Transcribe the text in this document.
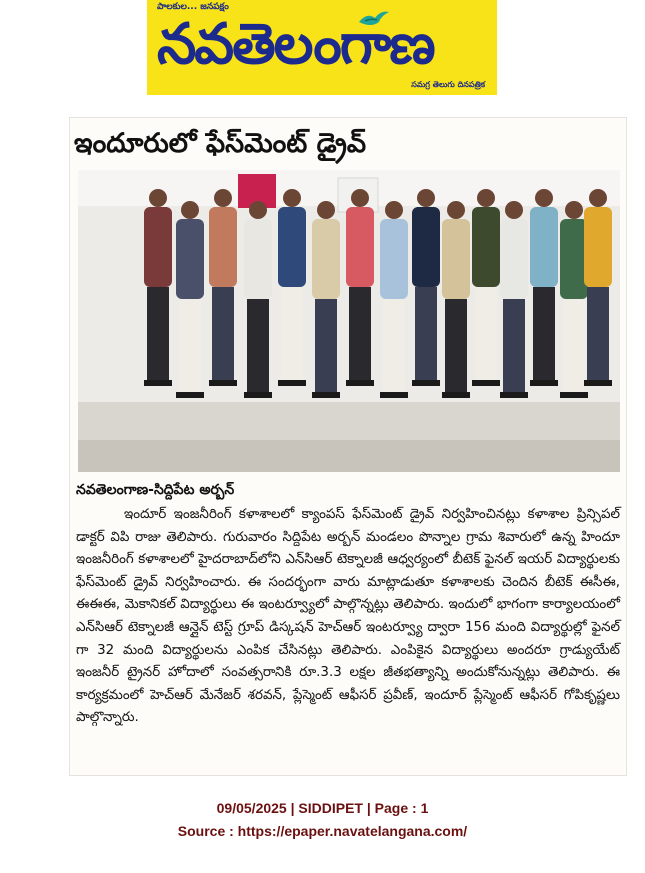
పాలకుల... జనపక్షం
నవతెలంగాణ
సమగ్ర తెలుగు దినపత్రిక
ఇందూరులో ఫేస్‌మెంట్ డ్రైవ్
నవతెలంగాణ-సిద్దిపేట అర్బన్

ఇందూర్ ఇంజనీరింగ్ కళాశాలలో క్యాంపస్ ఫేస్‌మెంట్ డ్రైవ్ నిర్వహించినట్లు కళాశాల ప్రిన్సిపల్ డాక్టర్ విపి రాజు తెలిపారు. గురువారం సిద్దిపేట అర్బన్ మండలం పొన్నాల గ్రామ శివారులో ఉన్న హిందూ ఇంజనీరింగ్ కళాశాలలో హైదరాబాద్‌లోని ఎన్‌సిఆర్ టెక్నాలజీ ఆధ్వర్యంలో బీటెక్ ఫైనల్ ఇయర్ విద్యార్థులకు ఫేస్‌మెంట్ డ్రైవ్ నిర్వహించారు. ఈ సందర్భంగా వారు మాట్లాడుతూ కళాశాలకు చెందిన బీటెక్ ఈసీఈ, ఈఈఈ, మెకానికల్ విద్యార్థులు ఈ ఇంటర్వ్యూలో పాల్గొన్నట్లు తెలిపారు. ఇందులో భాగంగా కార్యాలయంలో ఎన్‌సిఆర్ టెక్నాలజీ ఆన్లైన్ టెస్ట్ గ్రూప్ డిస్కషన్ హెచ్ఆర్ ఇంటర్వ్యూ ద్వారా 156 మంది విద్యార్థుల్లో ఫైనల్ గా 32 మంది విద్యార్థులను ఎంపిక చేసినట్లు తెలిపారు. ఎంపికైన విద్యార్థులు అందరూ గ్రాడ్యుయేట్ ఇంజనీర్ ట్రైనర్ హోదాలో సంవత్సరానికి రూ.3.3 లక్షల జీతభత్యాన్ని అందుకోనున్నట్లు తెలిపారు. ఈ కార్యక్రమంలో హెచ్ఆర్ మేనేజర్ శరవన్, ప్లేస్మెంట్ ఆఫీసర్ ప్రవీణ్, ఇందూర్ ప్లేస్మెంట్ ఆఫీసర్ గోపికృష్ణలు పాల్గొన్నారు.

09/05/2025 | SIDDIPET | Page : 1
Source : https://epaper.navatelangana.com/
